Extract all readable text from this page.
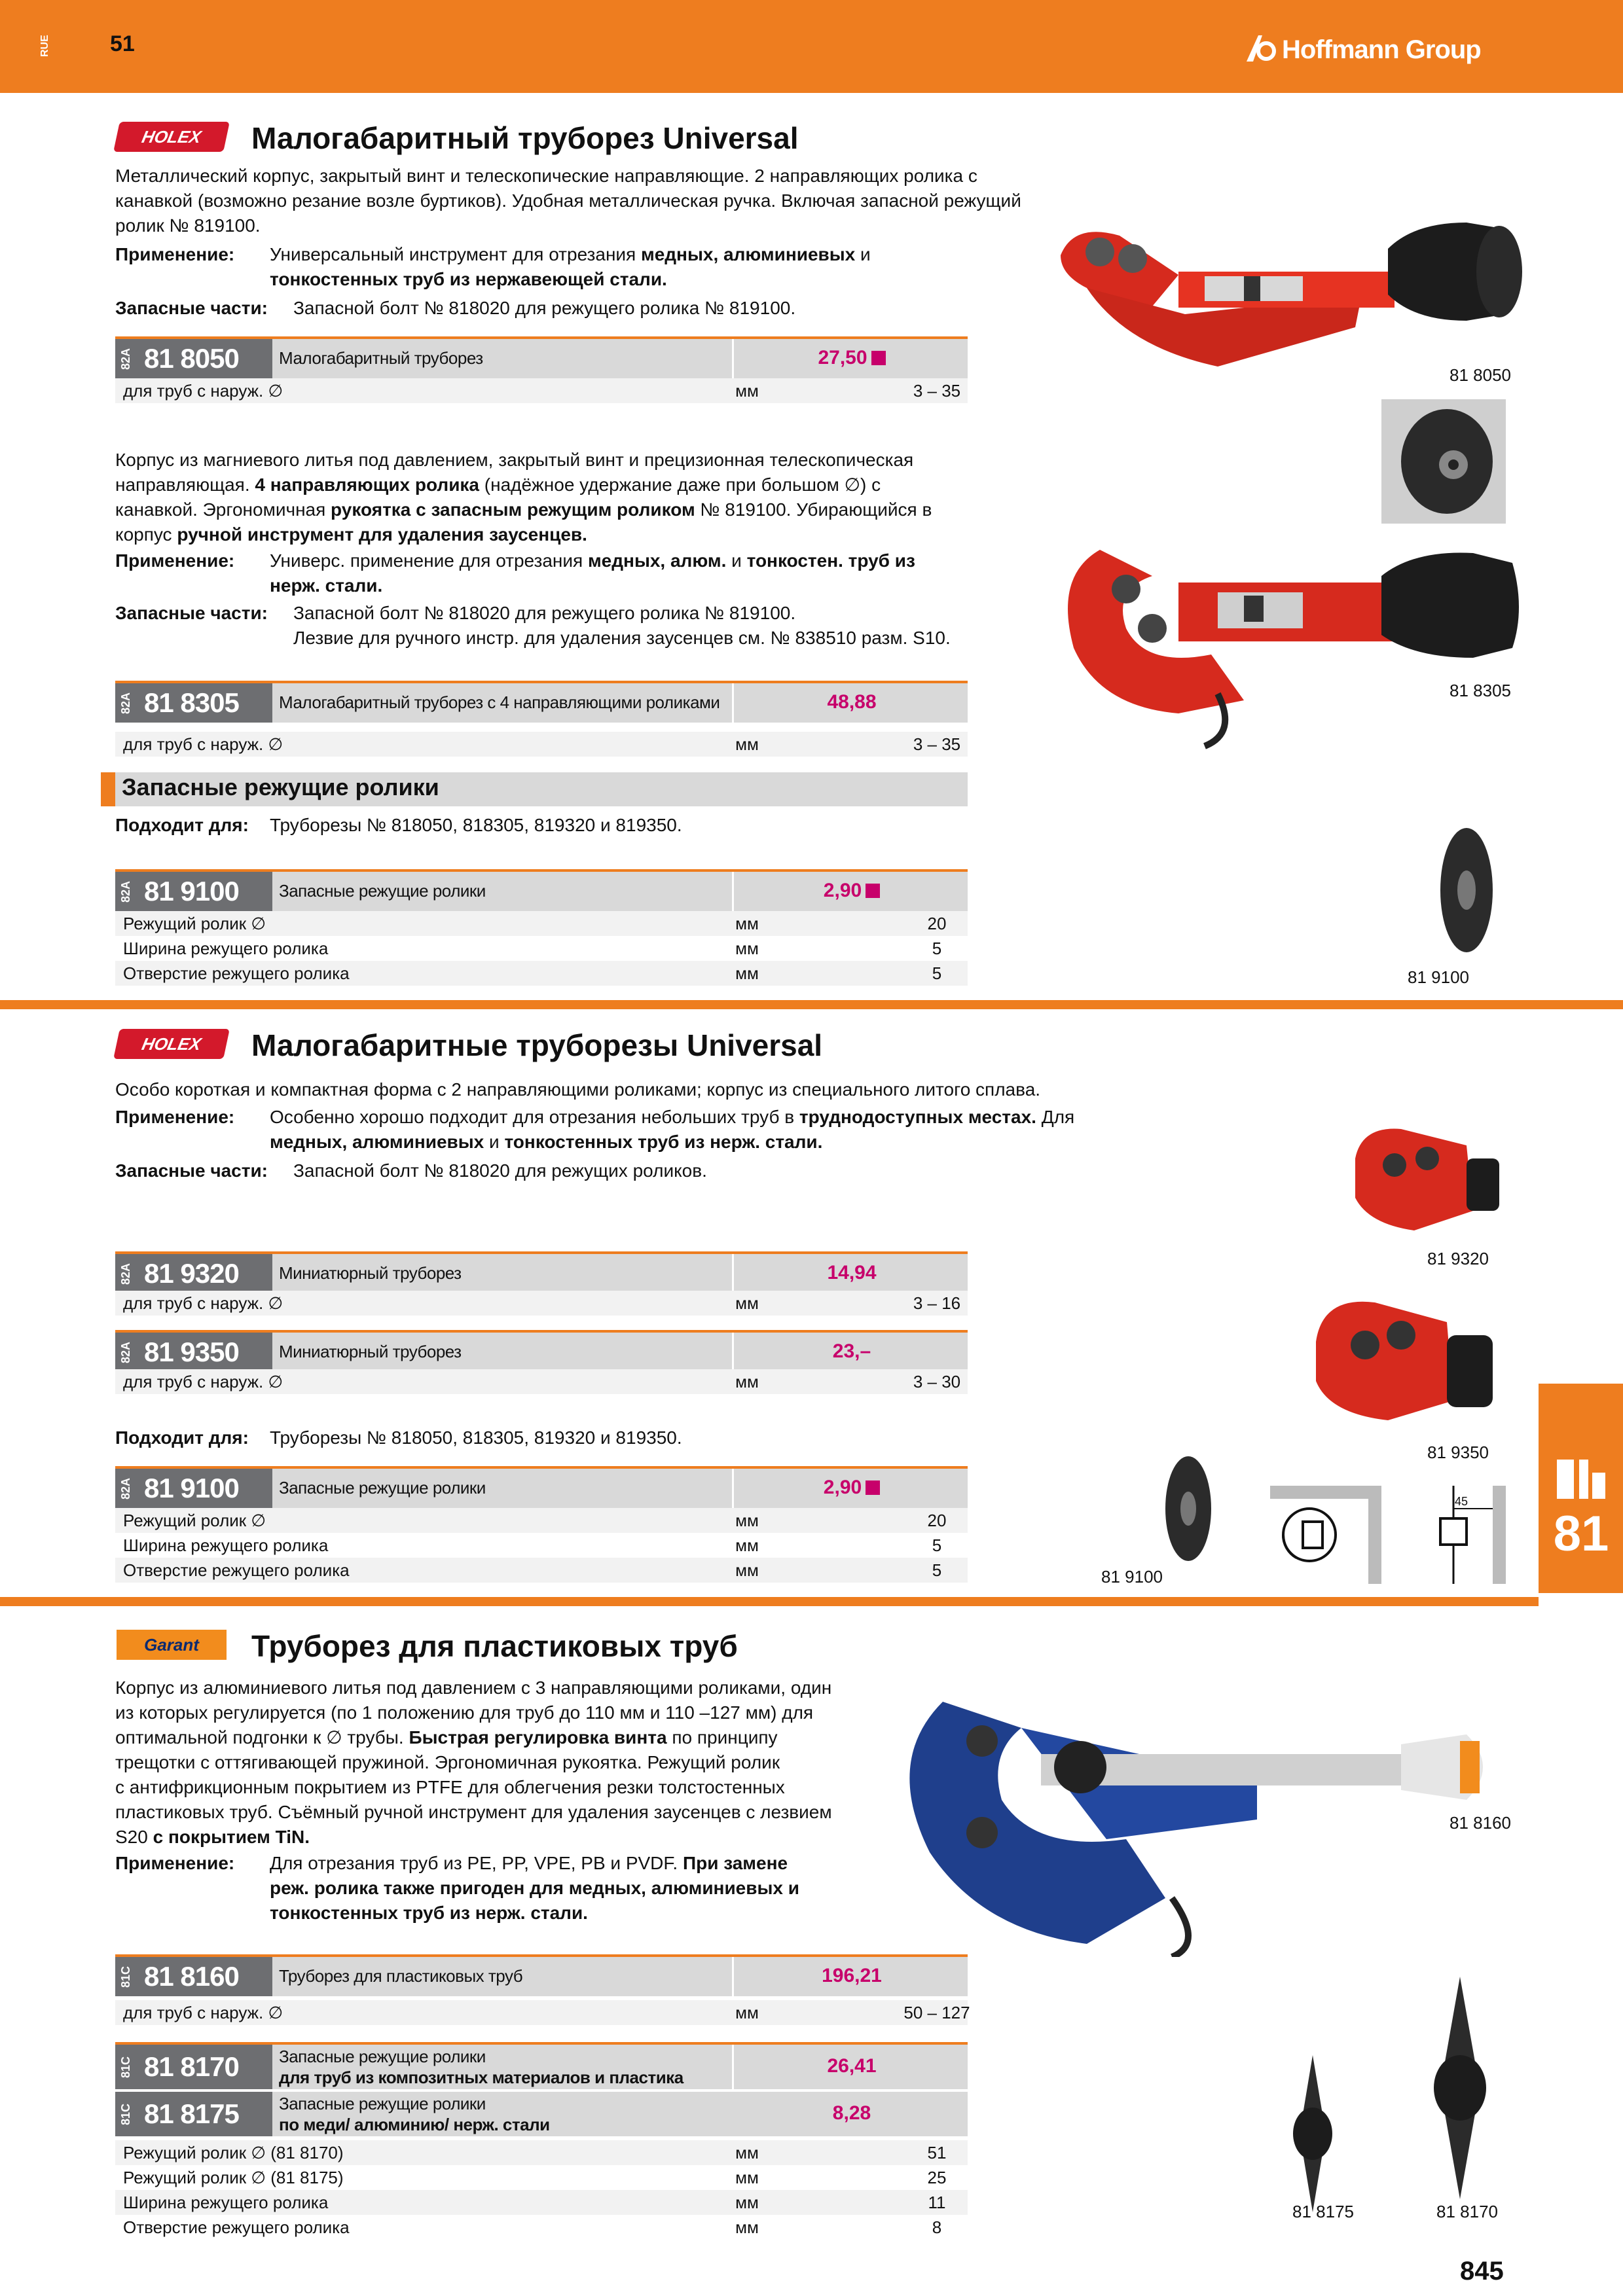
RUE	51	Hoffmann Group
HOLEX	Малогабаритный труборез Universal
Металлический корпус, закрытый винт и телескопические направляющие. 2 направляющих ролика с канавкой (возможно резание возле буртиков). Удобная металлическая ручка. Включая запасной режущий ролик № 819100.
Применение: Универсальный инструмент для отрезания медных, алюминиевых и
тонкостенных труб из нержавеющей стали.
Запасные части: Запасной болт № 818020 для режущего ролика № 819100.
82A 81 8050 Малогабаритный труборез	27,50
для труб с наруж. ∅	мм	3 – 35
81 8050
Корпус из магниевого литья под давлением, закрытый винт и прецизионная телескопическая
направляющая. 4 направляющих ролика (надёжное удержание даже при большом ∅) с
канавкой. Эргономичная рукоятка с запасным режущим роликом № 819100. Убирающийся в
корпус ручной инструмент для удаления заусенцев.
Применение: Универс. применение для отрезания медных, алюм. и тонкостен. труб из
нерж. стали.
Запасные части: Запасной болт № 818020 для режущего ролика № 819100.
Лезвие для ручного инстр. для удаления заусенцев см. № 838510 разм. S10.
82A 81 8305 Малогабаритный труборез с 4 направляющими роликами	48,88
для труб с наруж. ∅	мм	3 – 35
81 8305
Запасные режущие ролики
Подходит для: Труборезы № 818050, 818305, 819320 и 819350.
82A 81 9100 Запасные режущие ролики	2,90
Режущий ролик ∅	мм	20
Ширина режущего ролика	мм	5
Отверстие режущего ролика	мм	5	81 9100
HOLEX	Малогабаритные труборезы Universal
Особо короткая и компактная форма с 2 направляющими роликами; корпус из специального литого сплава.
Применение: Особенно хорошо подходит для отрезания небольших труб в труднодоступных местах. Для
медных, алюминиевых и тонкостенных труб из нерж. стали.
Запасные части: Запасной болт № 818020 для режущих роликов.
82A 81 9320 Миниатюрный труборез	14,94
для труб с наруж. ∅	мм	3 – 16
82A 81 9350 Миниатюрный труборез	23,–
для труб с наруж. ∅	мм	3 – 30
Подходит для: Труборезы № 818050, 818305, 819320 и 819350.
82A 81 9100 Запасные режущие ролики	2,90
Режущий ролик ∅	мм	20
Ширина режущего ролика	мм	5
Отверстие режущего ролика	мм	5
81 9320
81 9350
81 9100
45
81
Garant	Труборез для пластиковых труб
Корпус из алюминиевого литья под давлением с 3 направляющими роликами, один
из которых регулируется (по 1 положению для труб до 110 мм и 110 –127 мм) для
оптимальной подгонки к ∅ трубы. Быстрая регулировка винта по принципу
трещотки с оттягивающей пружиной. Эргономичная рукоятка. Режущий ролик
с антифрикционным покрытием из PTFE для облегчения резки толстостенных
пластиковых труб. Съёмный ручной инструмент для удаления заусенцев с лезвием
S20 с покрытием TiN.
Применение: Для отрезания труб из PE, PP, VPE, PB и PVDF. При замене
реж. ролика также пригоден для медных, алюминиевых и
тонкостенных труб из нерж. стали.
81C 81 8160 Труборез для пластиковых труб	196,21
для труб с наруж. ∅	мм	50 – 127
81C 81 8170 Запасные режущие ролики
для труб из композитных материалов и пластика
26,41
81C 81 8175 Запасные режущие ролики
по меди/ алюминию/ нерж. стали
8,28
Режущий ролик ∅ (81 8170)	мм	51
Режущий ролик ∅ (81 8175)	мм	25
Ширина режущего ролика	мм	11
Отверстие режущего ролика	мм	8
81 8160
81 8175	81 8170
845
